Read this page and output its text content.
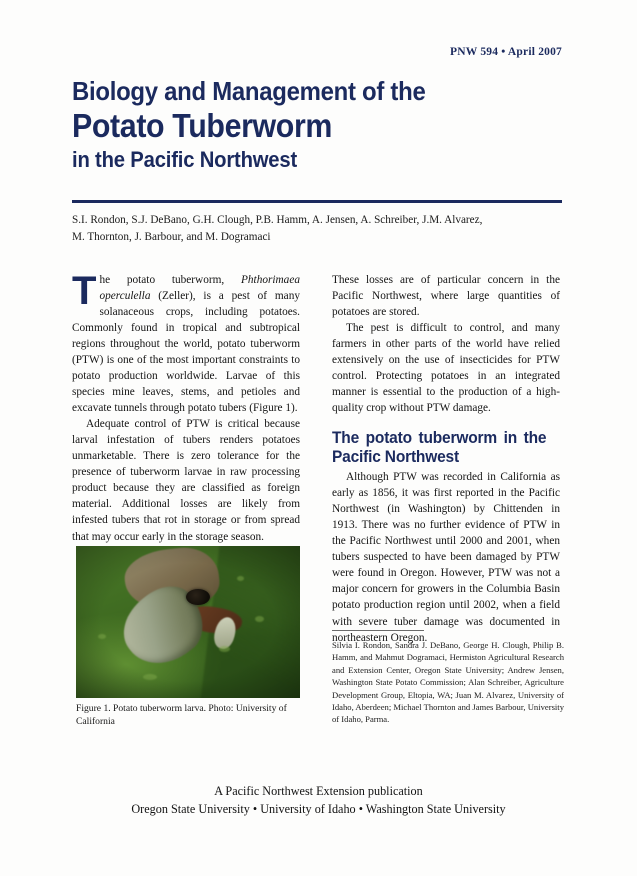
PNW 594 • April 2007
Biology and Management of the
Potato Tuberworm
in the Pacific Northwest
S.I. Rondon, S.J. DeBano, G.H. Clough, P.B. Hamm, A. Jensen, A. Schreiber, J.M. Alvarez,
M. Thornton, J. Barbour, and M. Dogramaci

The potato tuberworm, Phthorimaea operculella (Zeller), is a pest of many solanaceous crops, including potatoes. Commonly found in tropical and subtropical regions throughout the world, potato tuberworm (PTW) is one of the most important constraints to potato production worldwide. Larvae of this species mine leaves, stems, and petioles and excavate tunnels through potato tubers (Figure 1).

Adequate control of PTW is critical because larval infestation of tubers renders potatoes unmarketable. There is zero tolerance for the presence of tuberworm larvae in raw processing product because they are classified as foreign material. Additional losses are likely from infested tubers that rot in storage or from spread that may occur early in the storage season.

These losses are of particular concern in the Pacific Northwest, where large quantities of potatoes are stored.

The pest is difficult to control, and many farmers in other parts of the world have relied extensively on the use of insecticides for PTW control. Protecting potatoes in an integrated manner is essential to the production of a high-quality crop without PTW damage.

The potato tuberworm in the Pacific Northwest

Although PTW was recorded in California as early as 1856, it was first reported in the Pacific Northwest (in Washington) by Chittenden in 1913. There was no further evidence of PTW in the Pacific Northwest until 2000 and 2001, when tubers suspected to have been damaged by PTW were found in Oregon. However, PTW was not a major concern for growers in the Columbia Basin potato production region until 2002, when a field with severe tuber damage was documented in northeastern Oregon.

Figure 1. Potato tuberworm larva. Photo: University of California
Silvia I. Rondon, Sandra J. DeBano, George H. Clough, Philip B. Hamm, and Mahmut Dogramaci, Hermiston Agricultural Research and Extension Center, Oregon State University; Andrew Jensen, Washington State Potato Commission; Alan Schreiber, Agriculture Development Group, Eltopia, WA; Juan M. Alvarez, University of Idaho, Aberdeen; Michael Thornton and James Barbour, University of Idaho, Parma.
A Pacific Northwest Extension publication
Oregon State University • University of Idaho • Washington State University
